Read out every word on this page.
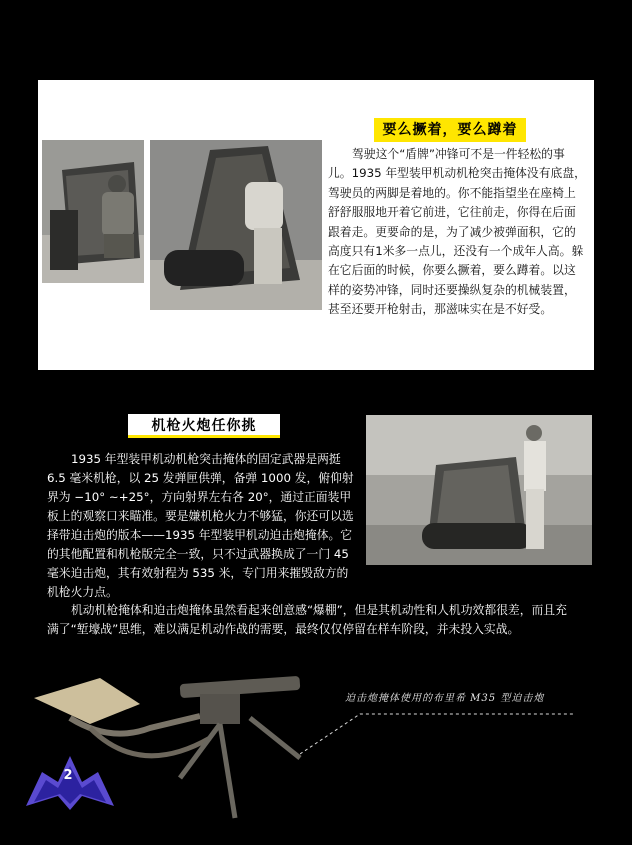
要么撅着，要么蹲着
驾驶这个“盾牌”冲锋可不是一件轻松的事儿。1935 年型装甲机动机枪突击掩体没有底盘，驾驶员的两脚是着地的。你不能指望坐在座椅上舒舒服服地开着它前进，它往前走，你得在后面跟着走。更要命的是，为了减少被弹面积，它的高度只有1米多一点儿，还没有一个成年人高。躲在它后面的时候，你要么撅着，要么蹲着。以这样的姿势冲锋，同时还要操纵复杂的机械装置，甚至还要开枪射击，那滋味实在是不好受。
机枪火炮任你挑
1935 年型装甲机动机枪突击掩体的固定武器是两挺 6.5 毫米机枪，以 25 发弹匣供弹，备弹 1000 发，俯仰射界为 −10° ~+25°，方向射界左右各 20°，通过正面装甲板上的观察口来瞄准。要是嫌机枪火力不够猛，你还可以选择带迫击炮的版本——1935 年型装甲机动迫击炮掩体。它的其他配置和机枪版完全一致，只不过武器换成了一门 45 毫米迫击炮，其有效射程为 535 米，专门用来摧毁敌方的机枪火力点。
机动机枪掩体和迫击炮掩体虽然看起来创意感“爆棚”，但是其机动性和人机功效都很差，而且充满了“堑壕战”思维，难以满足机动作战的需要，最终仅仅停留在样车阶段，并未投入实战。
迫击炮掩体使用的布里希 M35 型迫击炮
2
